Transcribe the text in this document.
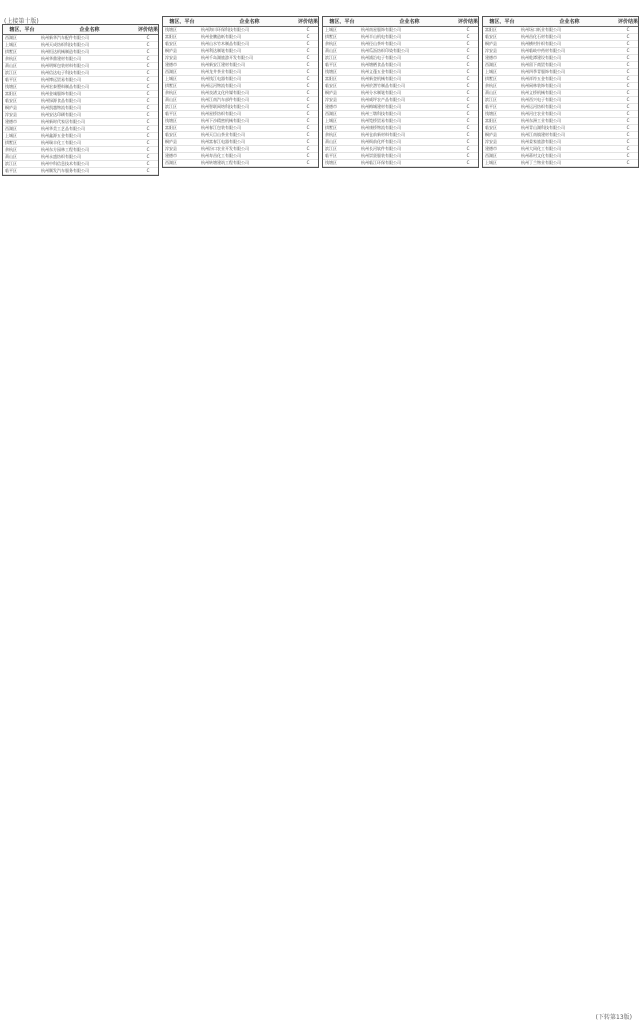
(上接第十版)
辖区、平台	企业名称	评价结果
西湖区	杭州新华汽车配件有限公司	C
上城区	杭州天成纺织科技有限公司	C
拱墅区	杭州恒达机械制造有限公司	C
余杭区	杭州华鼎建材有限公司	C
萧山区	杭州明辉包装材料有限公司	C
滨江区	杭州信达电子科技有限公司	C
临平区	杭州博远贸易有限公司	C
钱塘区	杭州宏泰塑料制品有限公司	C
富阳区	杭州金诚服饰有限公司	C
临安区	杭州绿源食品有限公司	C
桐庐县	杭州凯越物流有限公司	C
淳安县	杭州安达印刷有限公司	C
建德市	杭州新时代家居有限公司	C
西湖区	杭州华美工艺品有限公司	C
上城区	杭州鑫源五金有限公司	C
拱墅区	杭州瑞丰化工有限公司	C
余杭区	杭州东方园林工程有限公司	C
萧山区	杭州永盛纺织有限公司	C
滨江区	杭州中科信息技术有限公司	C
临平区	杭州顺发汽车服务有限公司	C
辖区、平台	企业名称	评价结果
钱塘区	杭州海川环保科技有限公司	C
富阳区	杭州金鹏造纸有限公司	C
临安区	杭州山水竹木制品有限公司	C
桐庐县	杭州利达制笔有限公司	C
淳安县	杭州千岛湖旅游开发有限公司	C
建德市	杭州新安江建材有限公司	C
西湖区	杭州龙井茶业有限公司	C
上城区	杭州钱江电器有限公司	C
拱墅区	杭州运河物流有限公司	C
余杭区	杭州良渚文化传媒有限公司	C
萧山区	杭州江南汽车部件有限公司	C
滨江区	杭州智联网络科技有限公司	C
临平区	杭州星桥纺织有限公司	C
钱塘区	杭州下沙精密机械有限公司	C
富阳区	杭州春江包装有限公司	C
临安区	杭州天目山茶业有限公司	C
桐庐县	杭州富春江电器有限公司	C
淳安县	杭州汾口农业开发有限公司	C
建德市	杭州寿昌化工有限公司	C
西湖区	杭州转塘建筑工程有限公司	C
辖区、平台	企业名称	评价结果
上城区	杭州南星服饰有限公司	C
拱墅区	杭州半山机电有限公司	C
余杭区	杭州径山茶叶有限公司	C
萧山区	杭州瓜沥纺织印染有限公司	C
滨江区	杭州浦沿电子有限公司	C
临平区	杭州塘栖食品有限公司	C
钱塘区	杭州义蓬五金有限公司	C
富阳区	杭州新登机械有限公司	C
临安区	杭州於潜竹制品有限公司	C
桐庐县	杭州分水制笔有限公司	C
淳安县	杭州威坪农产品有限公司	C
建德市	杭州梅城建材有限公司	C
西湖区	杭州三墩科技有限公司	C
上城区	杭州笕桥贸易有限公司	C
拱墅区	杭州康桥物流有限公司	C
余杭区	杭州仓前新材料有限公司	C
萧山区	杭州衙前化纤有限公司	C
滨江区	杭州长河软件有限公司	C
临平区	杭州崇贤服装有限公司	C
钱塘区	杭州临江环保有限公司	C
辖区、平台	企业名称	评价结果
富阳区	杭州场口纸业有限公司	C
临安区	杭州昌化石材有限公司	C
桐庐县	杭州横村针织有限公司	C
淳安县	杭州临岐中药材有限公司	C
建德市	杭州乾潭建设有限公司	C
西湖区	杭州留下商贸有限公司	C
上城区	杭州四季青服饰有限公司	C
拱墅区	杭州祥符五金有限公司	C
余杭区	杭州闲林装饰有限公司	C
萧山区	杭州义桥机械有限公司	C
滨江区	杭州西兴电子有限公司	C
临平区	杭州运河纺织有限公司	C
钱塘区	杭州河庄农业有限公司	C
富阳区	杭州东洲工业有限公司	C
临安区	杭州青山湖科技有限公司	C
桐庐县	杭州江南镇建材有限公司	C
淳安县	杭州姜家旅游有限公司	C
建德市	杭州大同化工有限公司	C
西湖区	杭州蒋村文化有限公司	C
上城区	杭州丁兰物业有限公司	C
(下转第13版)
